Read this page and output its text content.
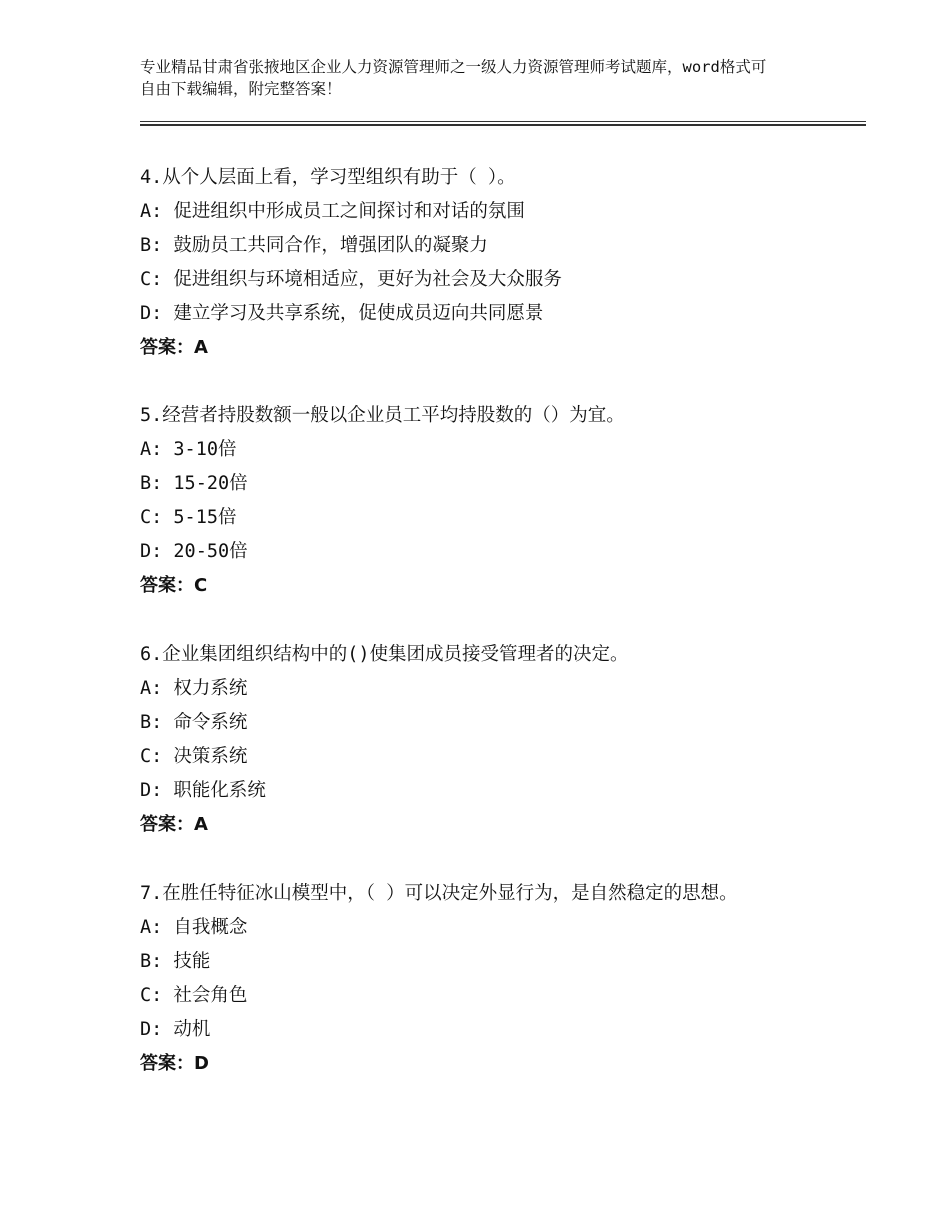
专业精品甘肃省张掖地区企业人力资源管理师之一级人力资源管理师考试题库，word格式可自由下载编辑，附完整答案！
4.从个人层面上看，学习型组织有助于（ ）。
A: 促进组织中形成员工之间探讨和对话的氛围
B: 鼓励员工共同合作，增强团队的凝聚力
C: 促进组织与环境相适应，更好为社会及大众服务
D: 建立学习及共享系统，促使成员迈向共同愿景
答案：A
5.经营者持股数额一般以企业员工平均持股数的（）为宜。
A: 3-10倍
B: 15-20倍
C: 5-15倍
D: 20-50倍
答案：C
6.企业集团组织结构中的()使集团成员接受管理者的决定。
A: 权力系统
B: 命令系统
C: 决策系统
D: 职能化系统
答案：A
7.在胜任特征冰山模型中，（ ）可以决定外显行为，是自然稳定的思想。
A: 自我概念
B: 技能
C: 社会角色
D: 动机
答案：D
